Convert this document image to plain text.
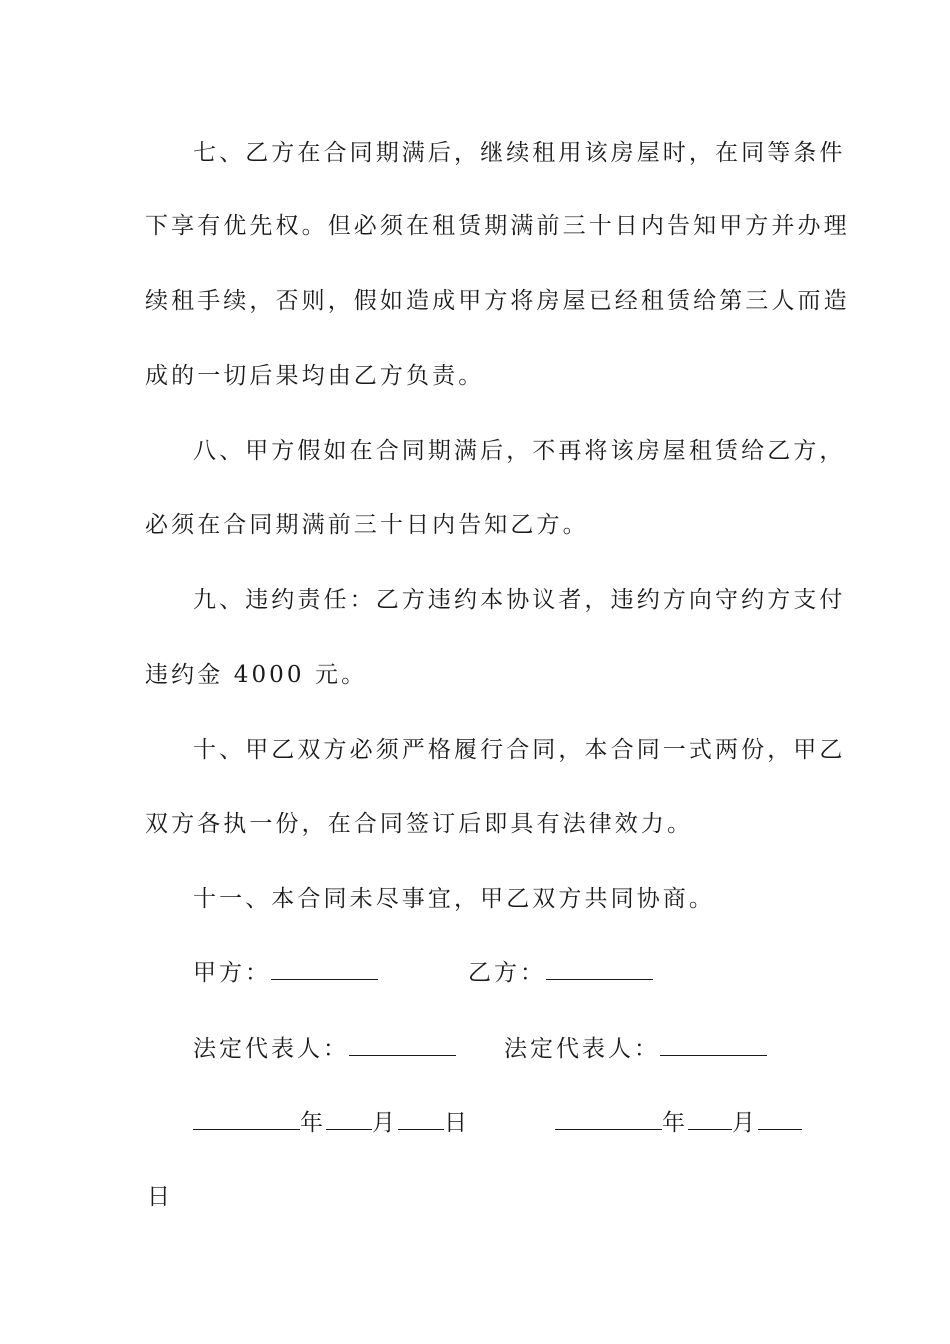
七、乙方在合同期满后，继续租用该房屋时，在同等条件
下享有优先权。但必须在租赁期满前三十日内告知甲方并办理
续租手续，否则，假如造成甲方将房屋已经租赁给第三人而造
成的一切后果均由乙方负责。
八、甲方假如在合同期满后，不再将该房屋租赁给乙方，
必须在合同期满前三十日内告知乙方。
九、违约责任：乙方违约本协议者，违约方向守约方支付
违约金 4000 元。
十、甲乙双方必须严格履行合同，本合同一式两份，甲乙
双方各执一份，在合同签订后即具有法律效力。
十一、本合同未尽事宜，甲乙双方共同协商。
甲方：	乙方：
法定代表人：	法定代表人：
年 月 日	年 月
日
